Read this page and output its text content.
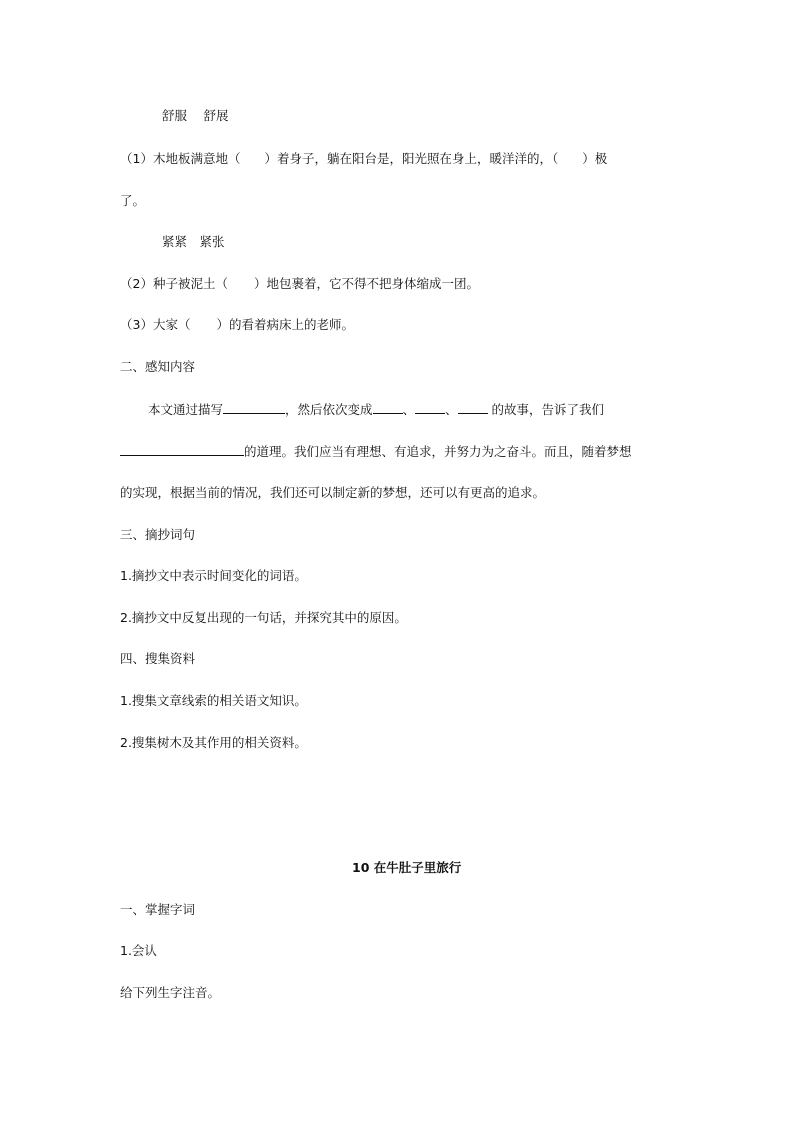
舒服　 舒展
（1）木地板满意地（ ）着身子，躺在阳台是，阳光照在身上，暖洋洋的，（ ）极
了。
紧紧　紧张
（2）种子被泥土（ ）地包裹着，它不得不把身体缩成一团。
（3）大家（ ）的看着病床上的老师。
二、感知内容
本文通过描写	，然后依次变成 、 、 的故事，告诉了我们
的道理。我们应当有理想、有追求，并努力为之奋斗。而且，随着梦想
的实现，根据当前的情况，我们还可以制定新的梦想，还可以有更高的追求。
三、摘抄词句
1.摘抄文中表示时间变化的词语。
2.摘抄文中反复出现的一句话，并探究其中的原因。
四、搜集资料
1.搜集文章线索的相关语文知识。
2.搜集树木及其作用的相关资料。
10 在牛肚子里旅行
一、掌握字词
1.会认
给下列生字注音。
